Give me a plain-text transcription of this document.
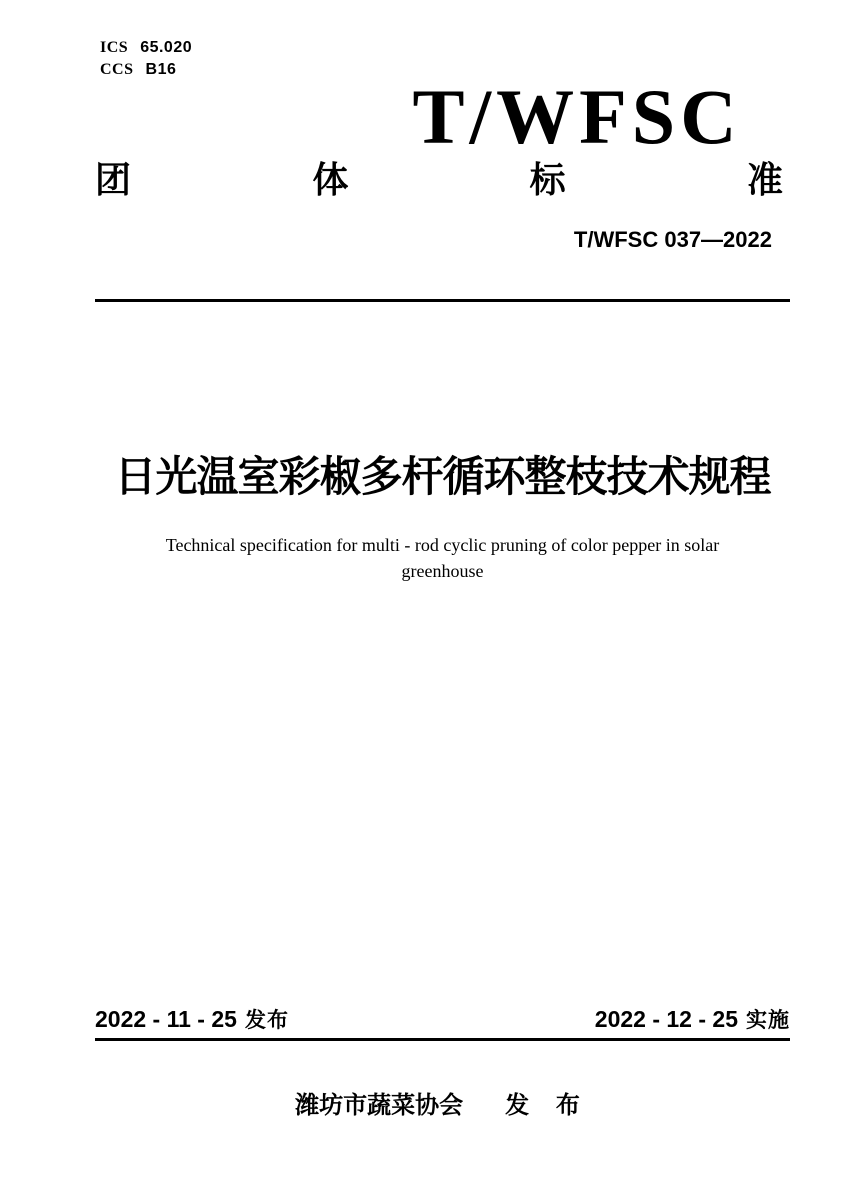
ICS 65.020
CCS B16
T/WFSC
团	体	标	准
T/WFSC 037—2022
日光温室彩椒多杆循环整枝技术规程
Technical specification for multi - rod cyclic pruning of color pepper in solar
greenhouse
2022 - 11 - 25 发布	2022 - 12 - 25 实施
潍坊市蔬菜协会 发 布
